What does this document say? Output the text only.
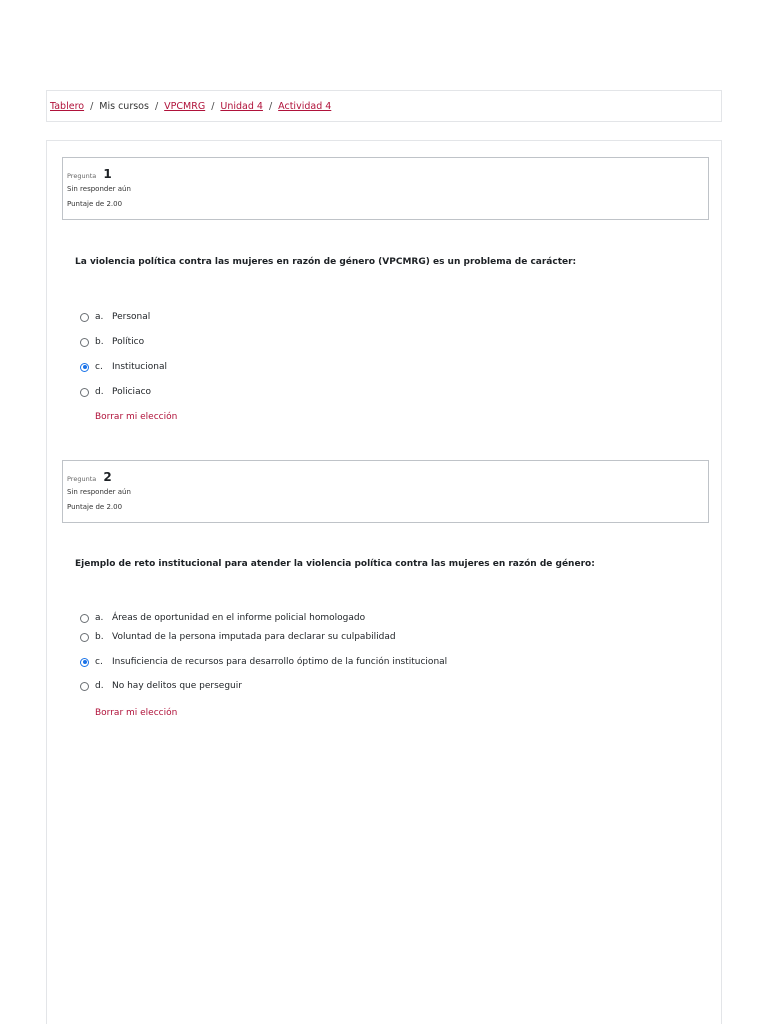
Tablero / Mis cursos / VPCMRG / Unidad 4 / Actividad 4
Pregunta 1
Sin responder aún
Puntaje de 2.00
La violencia política contra las mujeres en razón de género (VPCMRG) es un problema de carácter:
a. Personal
b. Político
c.	Institucional
d. Policiaco
Borrar mi elección
Pregunta 2
Sin responder aún
Puntaje de 2.00
Ejemplo de reto institucional para atender la violencia política contra las mujeres en razón de género:
a. Áreas de oportunidad en el informe policial homologado
b. Voluntad de la persona imputada para declarar su culpabilidad
c.	Insuficiencia de recursos para desarrollo óptimo de la función institucional
d. No hay delitos que perseguir
Borrar mi elección
